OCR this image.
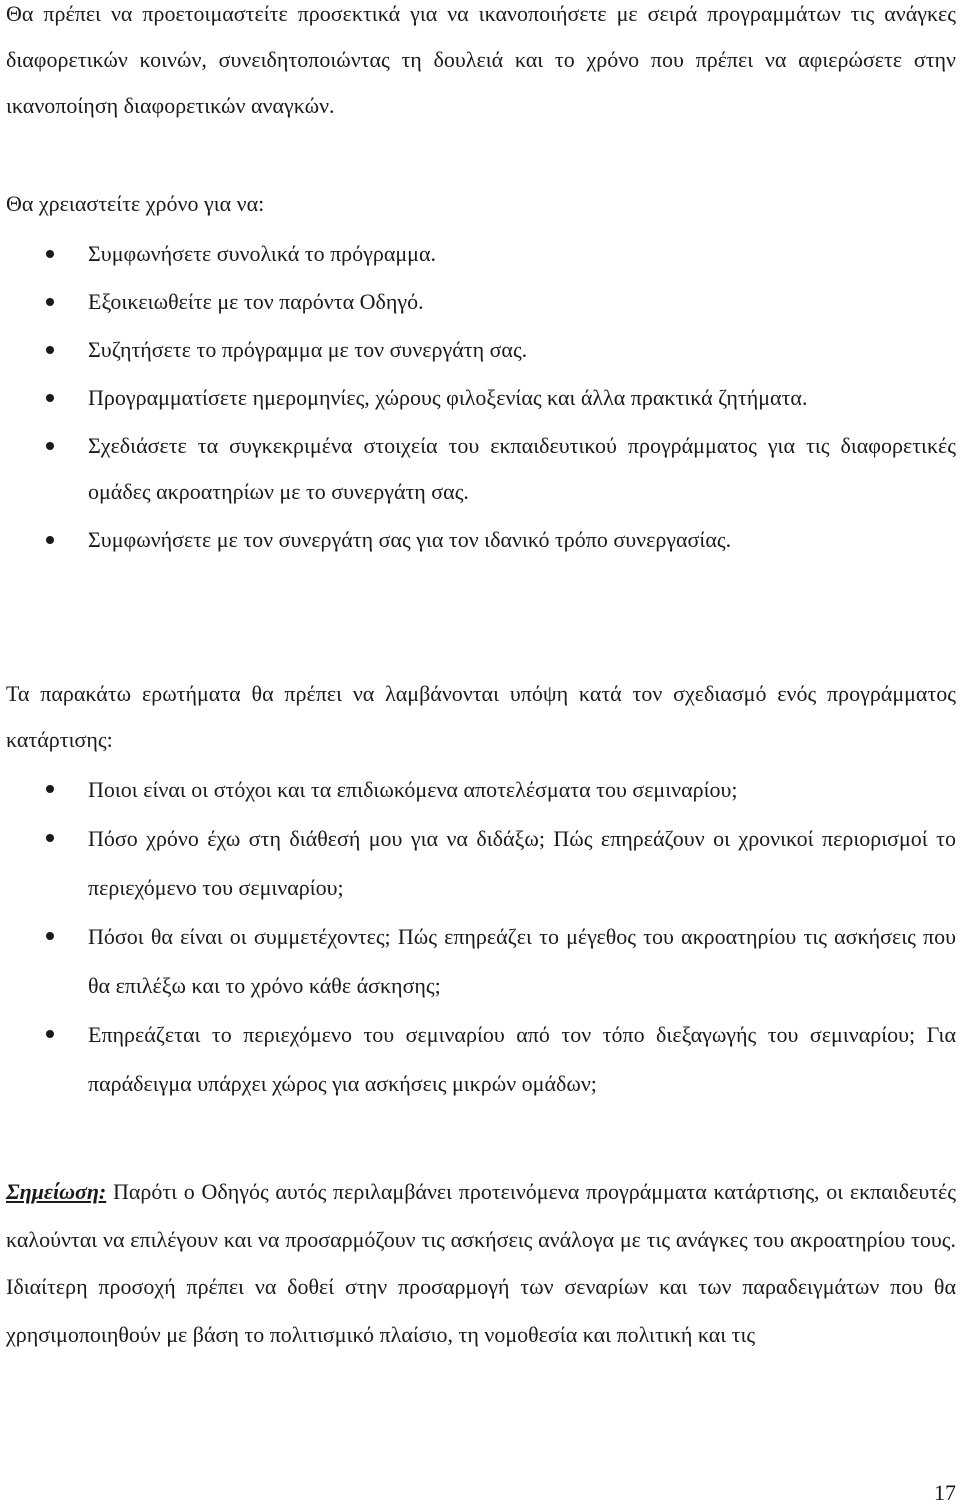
Θα πρέπει να προετοιμαστείτε προσεκτικά για να ικανοποιήσετε με σειρά προγραμμάτων τις ανάγκες διαφορετικών κοινών, συνειδητοποιώντας τη δουλειά και το χρόνο που πρέπει να αφιερώσετε στην ικανοποίηση διαφορετικών αναγκών.

Θα χρειαστείτε χρόνο για να:

Συμφωνήσετε συνολικά το πρόγραμμα.
Εξοικειωθείτε με τον παρόντα Οδηγό.
Συζητήσετε το πρόγραμμα με τον συνεργάτη σας.
Προγραμματίσετε ημερομηνίες, χώρους φιλοξενίας και άλλα πρακτικά ζητήματα.
Σχεδιάσετε τα συγκεκριμένα στοιχεία του εκπαιδευτικού προγράμματος για τις διαφορετικές ομάδες ακροατηρίων με το συνεργάτη σας.
Συμφωνήσετε με τον συνεργάτη σας για τον ιδανικό τρόπο συνεργασίας.

Τα παρακάτω ερωτήματα θα πρέπει να λαμβάνονται υπόψη κατά τον σχεδιασμό ενός προγράμματος κατάρτισης:

Ποιοι είναι οι στόχοι και τα επιδιωκόμενα αποτελέσματα του σεμιναρίου;
Πόσο χρόνο έχω στη διάθεσή μου για να διδάξω; Πώς επηρεάζουν οι χρονικοί περιορισμοί το περιεχόμενο του σεμιναρίου;
Πόσοι θα είναι οι συμμετέχοντες; Πώς επηρεάζει το μέγεθος του ακροατηρίου τις ασκήσεις που θα επιλέξω και το χρόνο κάθε άσκησης;
Επηρεάζεται το περιεχόμενο του σεμιναρίου από τον τόπο διεξαγωγής του σεμιναρίου; Για παράδειγμα υπάρχει χώρος για ασκήσεις μικρών ομάδων;

Σημείωση: Παρότι ο Οδηγός αυτός περιλαμβάνει προτεινόμενα προγράμματα κατάρτισης, οι εκπαιδευτές καλούνται να επιλέγουν και να προσαρμόζουν τις ασκήσεις ανάλογα με τις ανάγκες του ακροατηρίου τους. Ιδιαίτερη προσοχή πρέπει να δοθεί στην προσαρμογή των σεναρίων και των παραδειγμάτων που θα χρησιμοποιηθούν με βάση το πολιτισμικό πλαίσιο, τη νομοθεσία και πολιτική και τις

17
